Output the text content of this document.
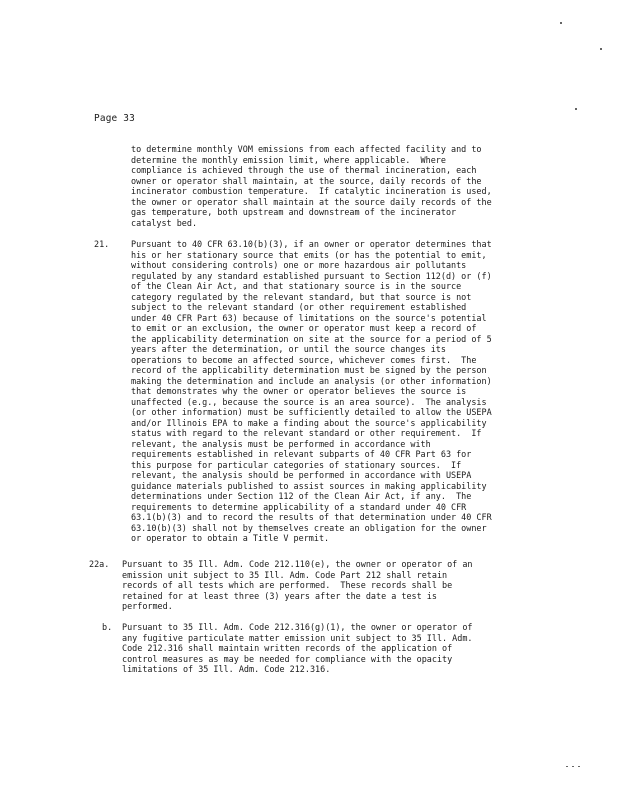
Page 33
to determine monthly VOM emissions from each affected facility and to
determine the monthly emission limit, where applicable.  Where
compliance is achieved through the use of thermal incineration, each
owner or operator shall maintain, at the source, daily records of the
incinerator combustion temperature.  If catalytic incineration is used,
the owner or operator shall maintain at the source daily records of the
gas temperature, both upstream and downstream of the incinerator
catalyst bed.
21.	Pursuant to 40 CFR 63.10(b)(3), if an owner or operator determines that
his or her stationary source that emits (or has the potential to emit,
without considering controls) one or more hazardous air pollutants
regulated by any standard established pursuant to Section 112(d) or (f)
of the Clean Air Act, and that stationary source is in the source
category regulated by the relevant standard, but that source is not
subject to the relevant standard (or other requirement established
under 40 CFR Part 63) because of limitations on the source's potential
to emit or an exclusion, the owner or operator must keep a record of
the applicability determination on site at the source for a period of 5
years after the determination, or until the source changes its
operations to become an affected source, whichever comes first.  The
record of the applicability determination must be signed by the person
making the determination and include an analysis (or other information)
that demonstrates why the owner or operator believes the source is
unaffected (e.g., because the source is an area source).  The analysis
(or other information) must be sufficiently detailed to allow the USEPA
and/or Illinois EPA to make a finding about the source's applicability
status with regard to the relevant standard or other requirement.  If
relevant, the analysis must be performed in accordance with
requirements established in relevant subparts of 40 CFR Part 63 for
this purpose for particular categories of stationary sources.  If
relevant, the analysis should be performed in accordance with USEPA
guidance materials published to assist sources in making applicability
determinations under Section 112 of the Clean Air Act, if any.  The
requirements to determine applicability of a standard under 40 CFR
63.1(b)(3) and to record the results of that determination under 40 CFR
63.10(b)(3) shall not by themselves create an obligation for the owner
or operator to obtain a Title V permit.
22a. Pursuant to 35 Ill. Adm. Code 212.110(e), the owner or operator of an
emission unit subject to 35 Ill. Adm. Code Part 212 shall retain
records of all tests which are performed.  These records shall be
retained for at least three (3) years after the date a test is
performed.
b. Pursuant to 35 Ill. Adm. Code 212.316(g)(1), the owner or operator of
any fugitive particulate matter emission unit subject to 35 Ill. Adm.
Code 212.316 shall maintain written records of the application of
control measures as may be needed for compliance with the opacity
limitations of 35 Ill. Adm. Code 212.316.
